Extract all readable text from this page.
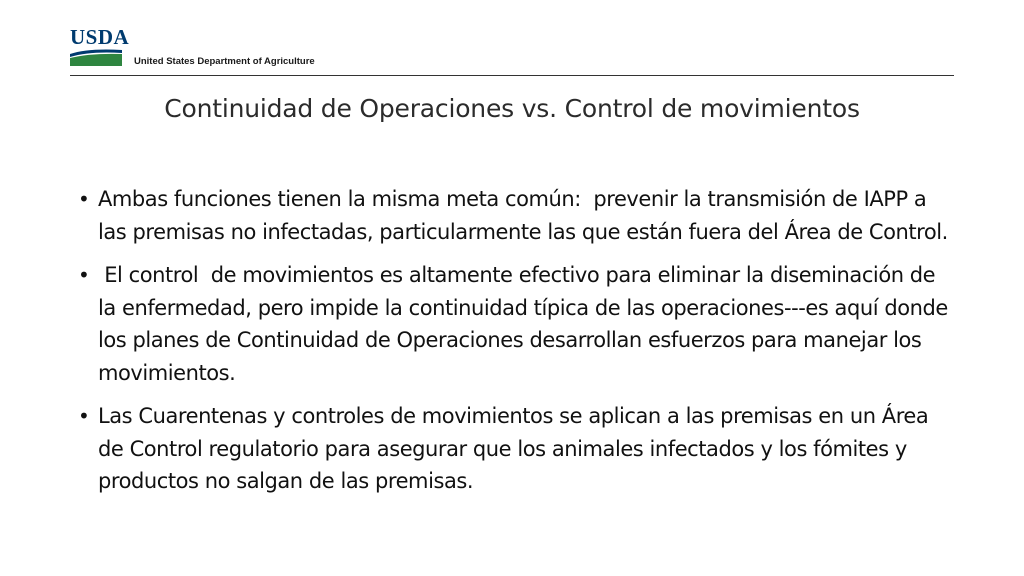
USDA
United States Department of Agriculture
Continuidad de Operaciones vs. Control de movimientos
• Ambas funciones tienen la misma meta común:  prevenir la transmisión de IAPP a las premisas no infectadas, particularmente las que están fuera del Área de Control.
• El control  de movimientos es altamente efectivo para eliminar la diseminación de la enfermedad, pero impide la continuidad típica de las operaciones---es aquí donde los planes de Continuidad de Operaciones desarrollan esfuerzos para manejar los movimientos.
• Las Cuarentenas y controles de movimientos se aplican a las premisas en un Área de Control regulatorio para asegurar que los animales infectados y los fómites y productos no salgan de las premisas.
